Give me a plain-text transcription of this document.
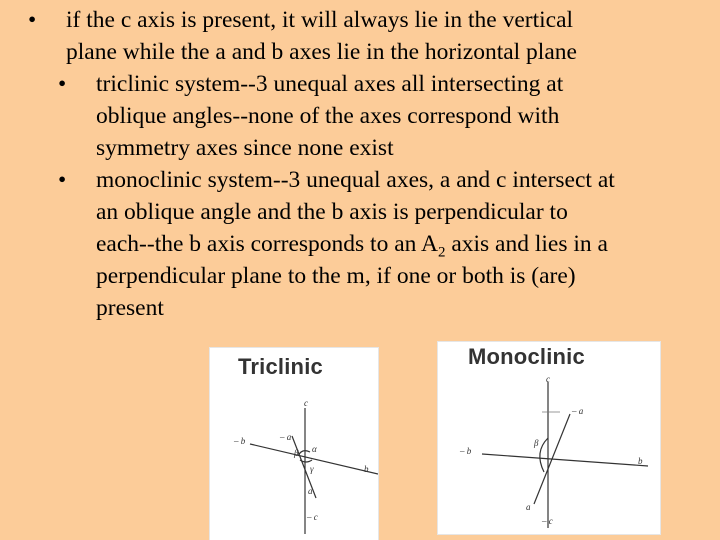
• if the c axis is present, it will always lie in the vertical
plane while the a and b axes lie in the horizontal plane
• triclinic system--3 unequal axes all intersecting at
oblique angles--none of the axes correspond with
symmetry axes since none exist
• monoclinic system--3 unequal axes, a and c intersect at
an oblique angle and the b axis is perpendicular to
each--the b axis corresponds to an $A_2$ axis and lies in a
perpendicular plane to the m, if one or both is (are)
present
Triclinic
c
– b	– a
b
a
– c
α
β
γ
Monoclinic
c
– a
– b
b
a
– c
β
